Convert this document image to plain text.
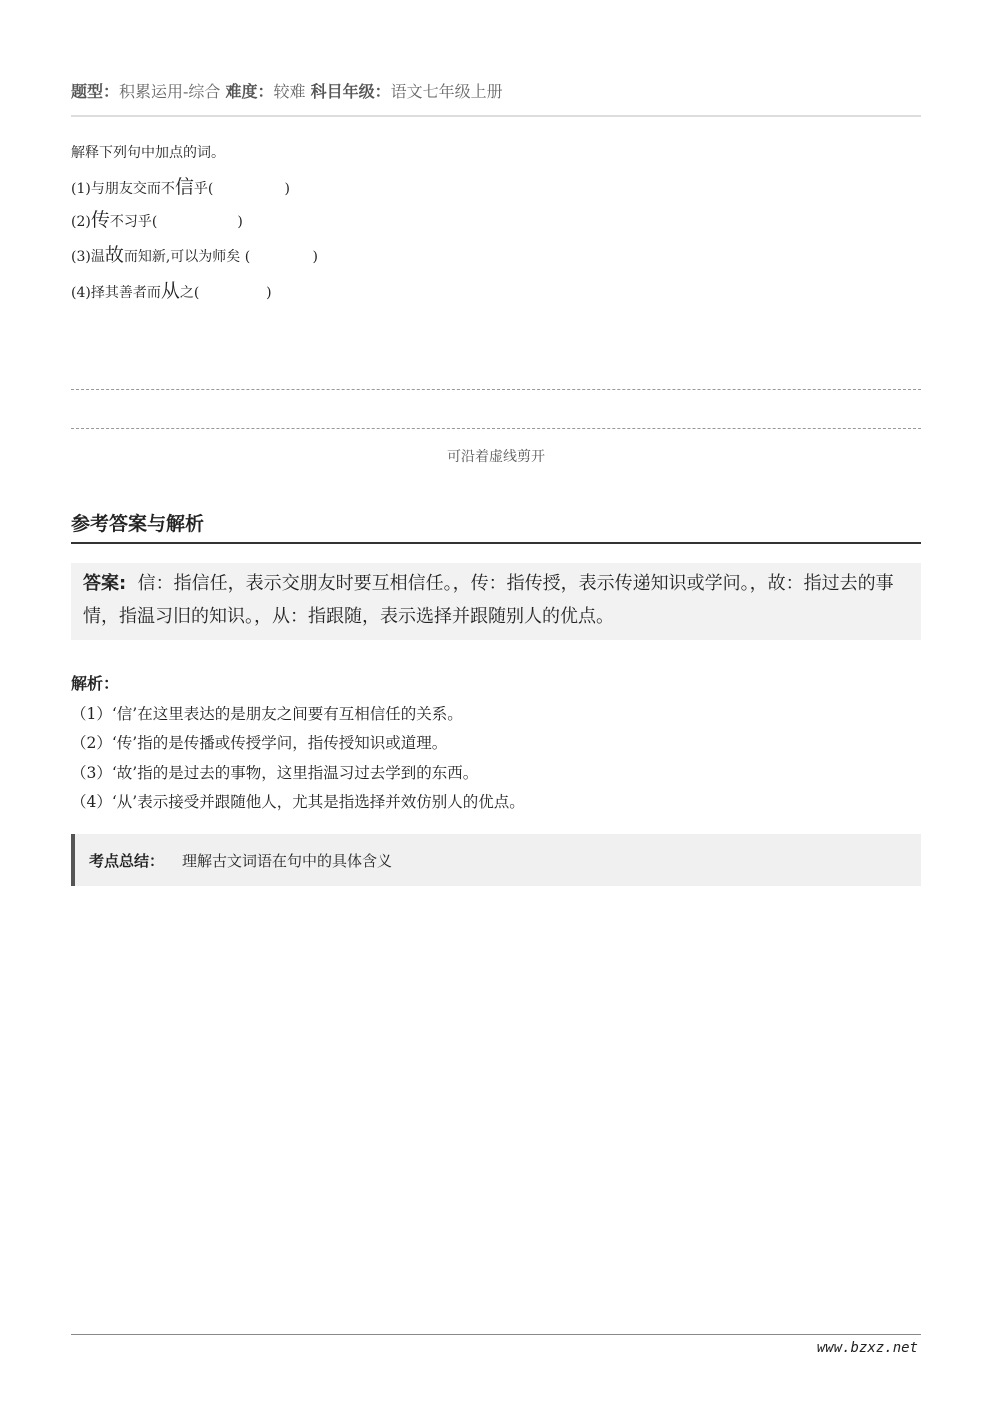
题型：积累运用-综合 难度：较难 科目年级：语文七年级上册
解释下列句中加点的词。
(1)与朋友交而不信乎(                )
(2)传不习乎(                  )
(3)温故而知新,可以为师矣 (              )
(4)择其善者而从之(               )
可沿着虚线剪开
参考答案与解析
答案: 信：指信任，表示交朋友时要互相信任。，传：指传授，表示传递知识或学问。，故：指过去的事情，指温习旧的知识。，从：指跟随，表示选择并跟随别人的优点。
解析：
（1）‘信’在这里表达的是朋友之间要有互相信任的关系。
（2）‘传’指的是传播或传授学问，指传授知识或道理。
（3）‘故’指的是过去的事物，这里指温习过去学到的东西。
（4）‘从’表示接受并跟随他人，尤其是指选择并效仿别人的优点。
考点总结： 理解古文词语在句中的具体含义
www.bzxz.net
